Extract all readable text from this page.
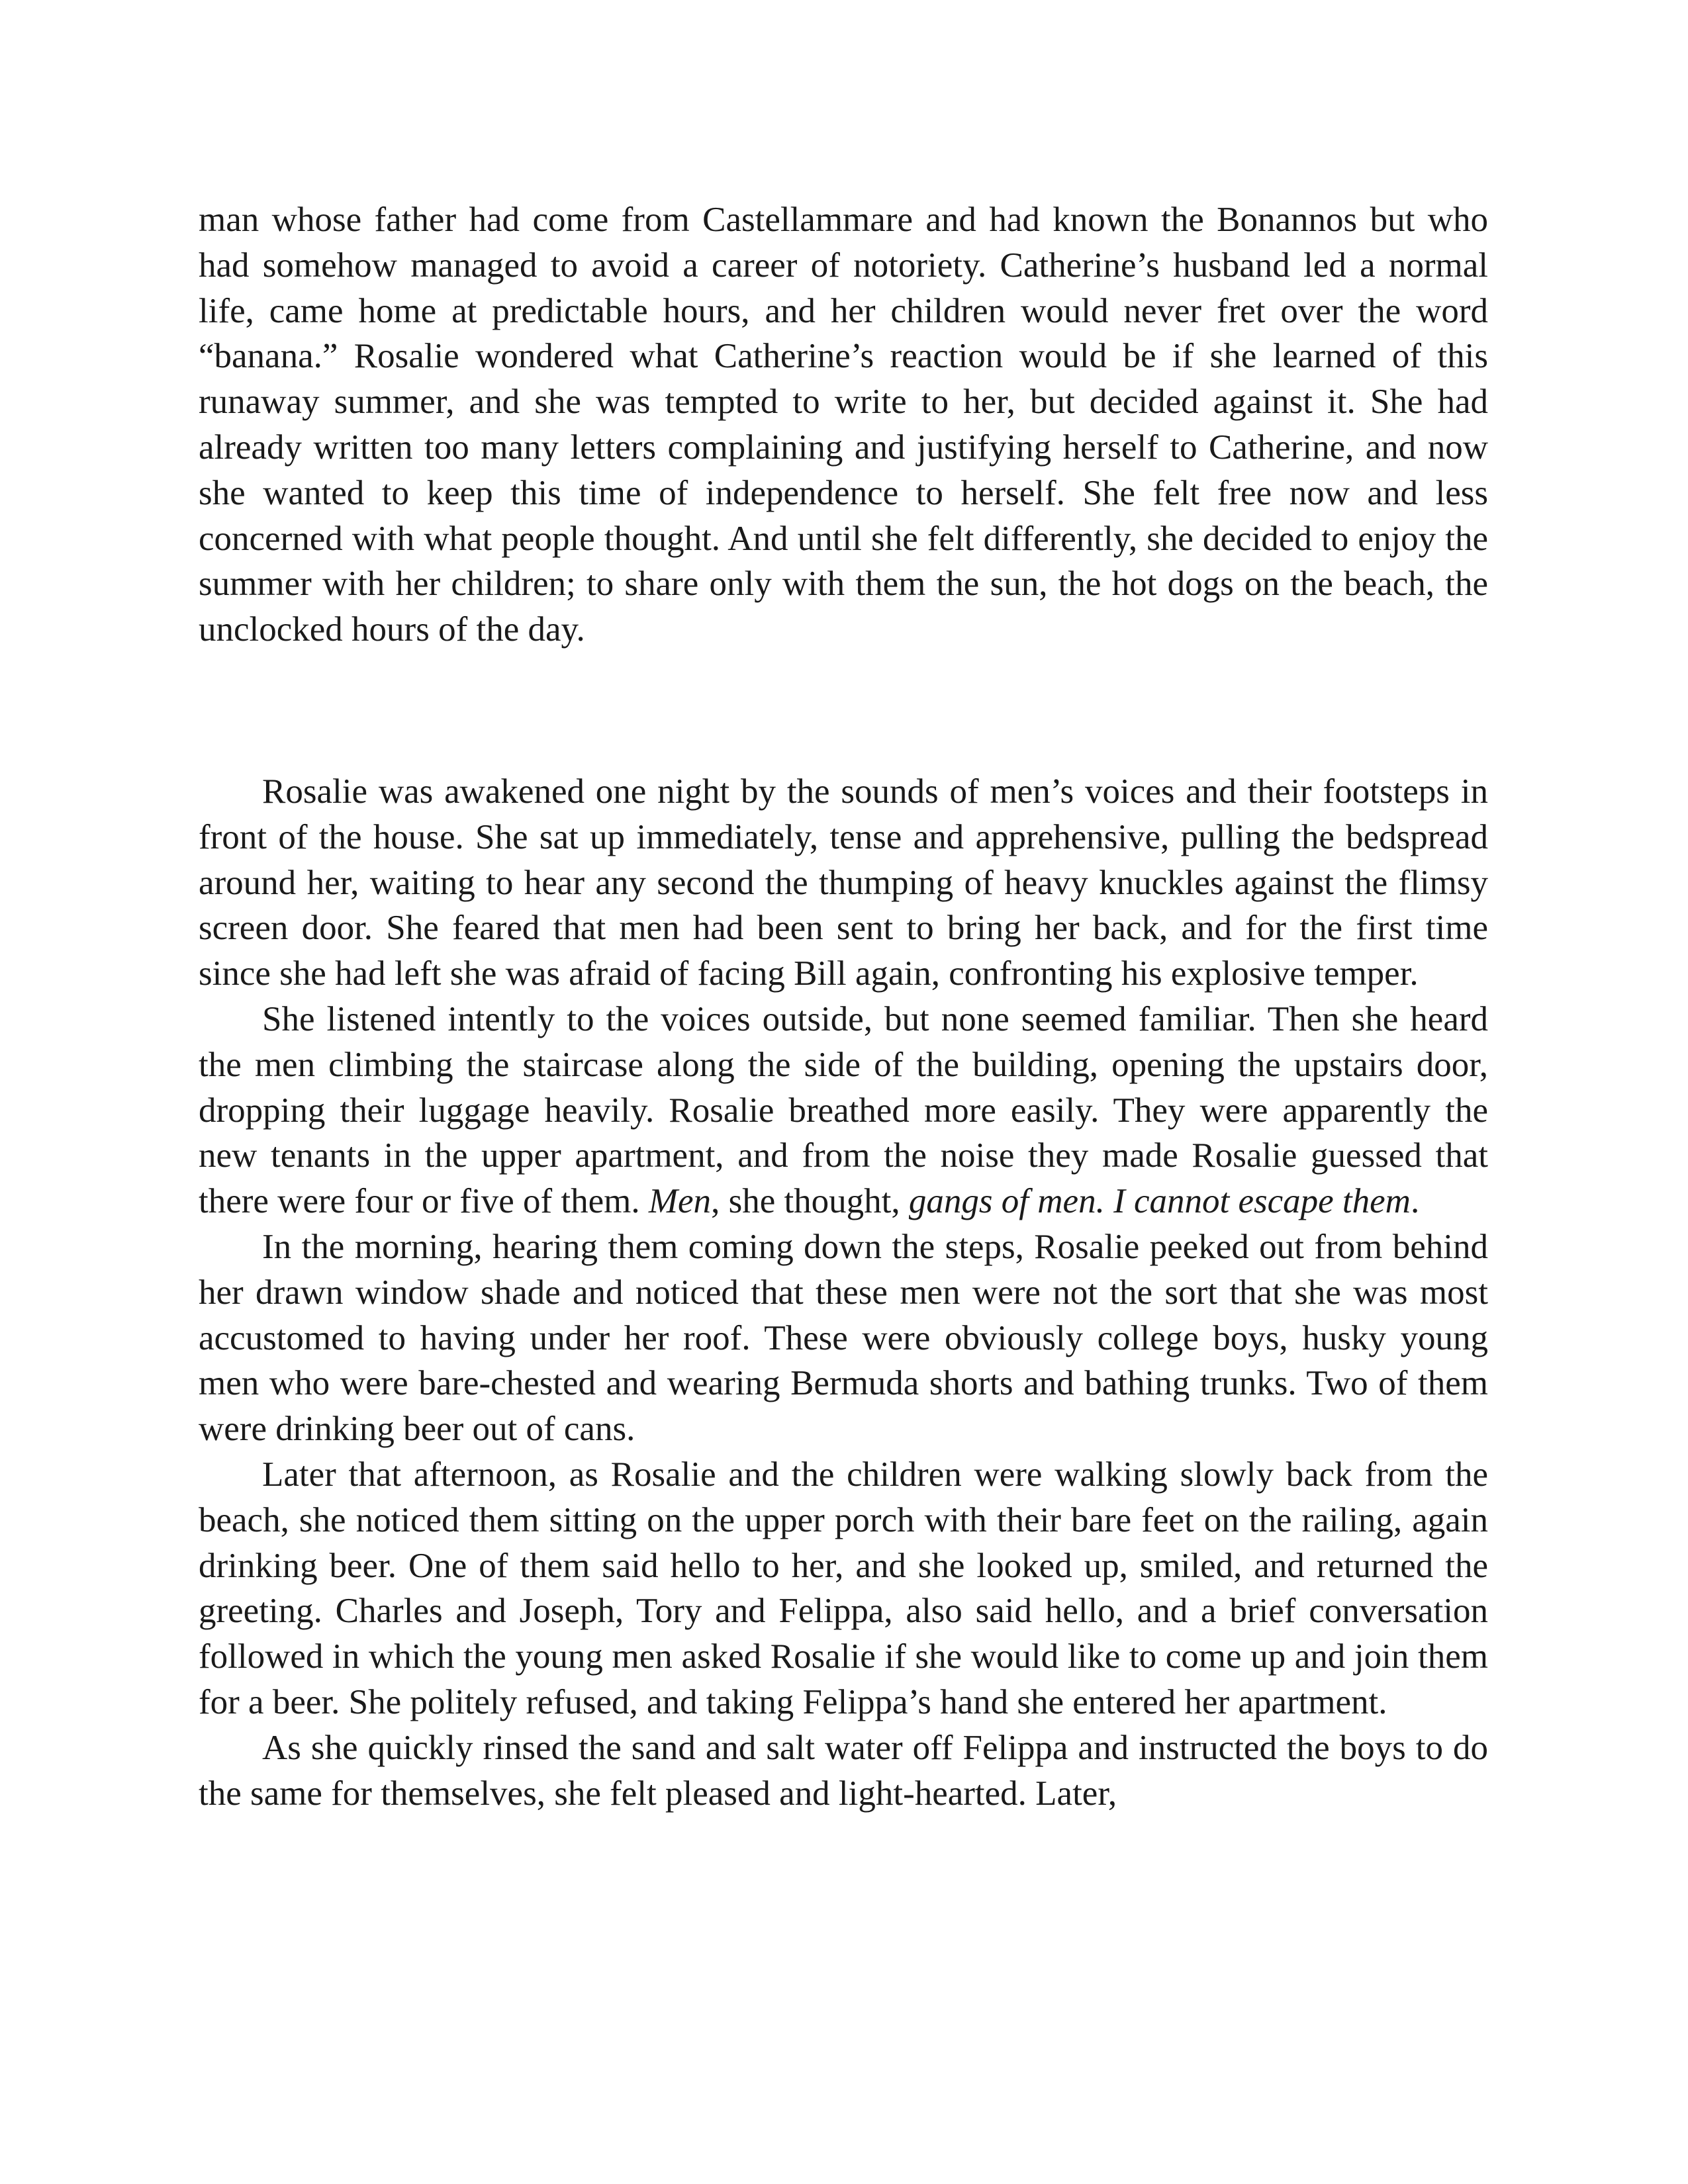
man whose father had come from Castellammare and had known the Bonannos but who had somehow managed to avoid a career of notoriety. Catherine’s husband led a normal life, came home at predictable hours, and her children would never fret over the word “banana.” Rosalie wondered what Catherine’s reaction would be if she learned of this runaway summer, and she was tempted to write to her, but decided against it. She had already written too many letters complaining and justifying herself to Catherine, and now she wanted to keep this time of independence to herself. She felt free now and less concerned with what people thought. And until she felt differently, she decided to enjoy the summer with her children; to share only with them the sun, the hot dogs on the beach, the unclocked hours of the day.

Rosalie was awakened one night by the sounds of men’s voices and their footsteps in front of the house. She sat up immediately, tense and apprehensive, pulling the bedspread around her, waiting to hear any second the thumping of heavy knuckles against the flimsy screen door. She feared that men had been sent to bring her back, and for the first time since she had left she was afraid of facing Bill again, confronting his explosive temper.

She listened intently to the voices outside, but none seemed familiar. Then she heard the men climbing the staircase along the side of the building, opening the upstairs door, dropping their luggage heavily. Rosalie breathed more easily. They were apparently the new tenants in the upper apartment, and from the noise they made Rosalie guessed that there were four or five of them. Men, she thought, gangs of men. I cannot escape them.

In the morning, hearing them coming down the steps, Rosalie peeked out from behind her drawn window shade and noticed that these men were not the sort that she was most accustomed to having under her roof. These were obviously college boys, husky young men who were bare-chested and wearing Bermuda shorts and bathing trunks. Two of them were drinking beer out of cans.

Later that afternoon, as Rosalie and the children were walking slowly back from the beach, she noticed them sitting on the upper porch with their bare feet on the railing, again drinking beer. One of them said hello to her, and she looked up, smiled, and returned the greeting. Charles and Joseph, Tory and Felippa, also said hello, and a brief conversation followed in which the young men asked Rosalie if she would like to come up and join them for a beer. She politely refused, and taking Felippa’s hand she entered her apartment.

As she quickly rinsed the sand and salt water off Felippa and instructed the boys to do the same for themselves, she felt pleased and light-hearted. Later,
